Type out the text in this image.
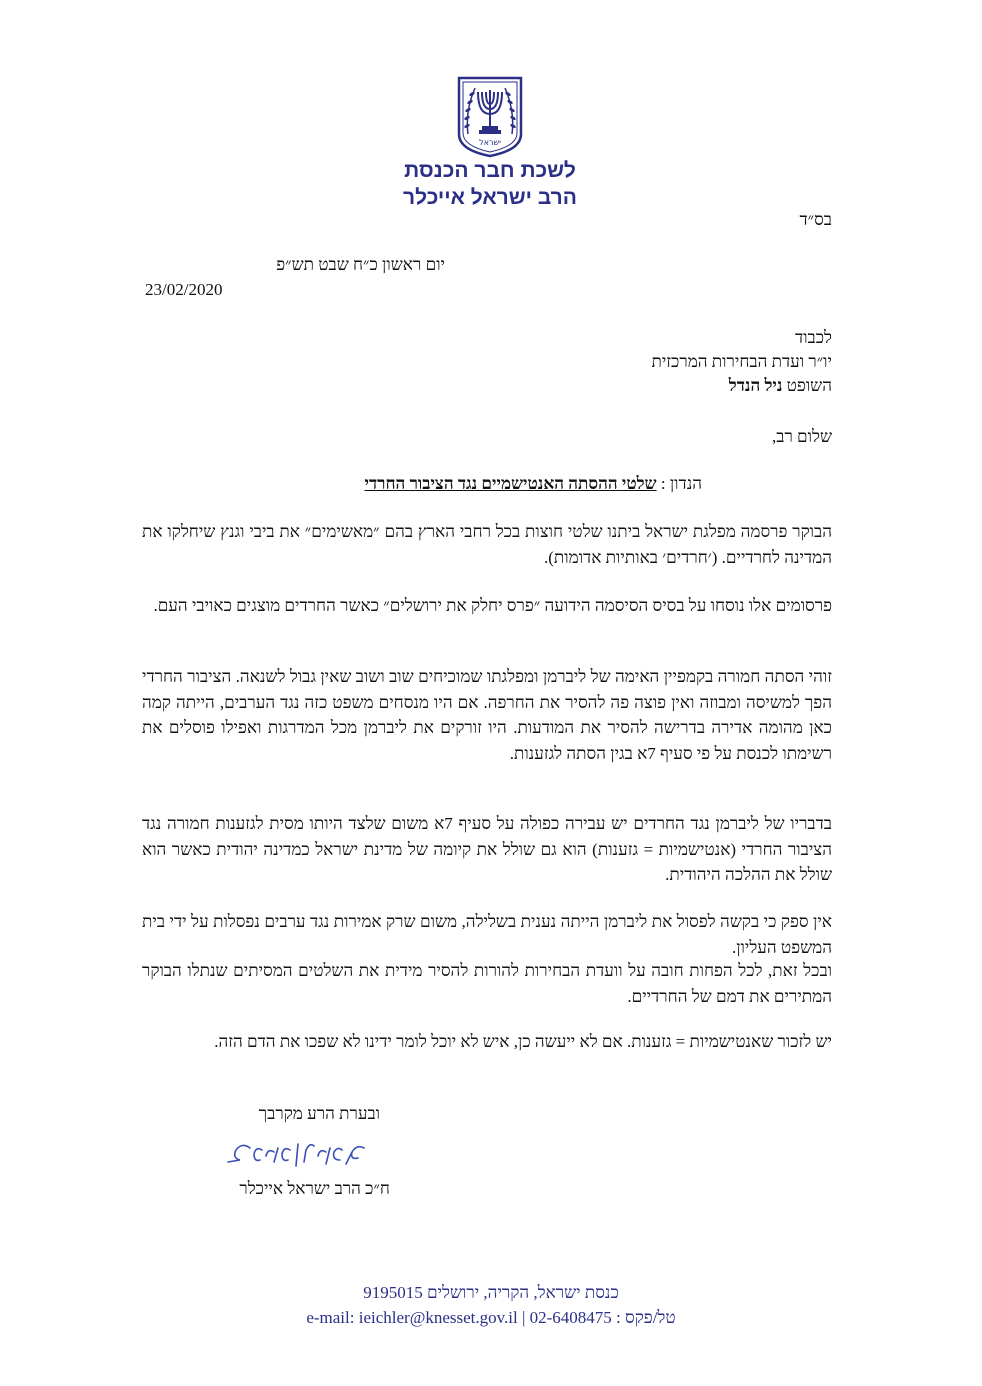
ישראל
לשכת חבר הכנסת
הרב ישראל אייכלר
בס״ד
יום ראשון כ״ח שבט תש״פ
23/02/2020
לכבוד
יו״ר ועדת הבחירות המרכזית
השופט ניל הנדל
שלום רב,
הנדון : שלטי ההסתה האנטישמיים נגד הציבור החרדי
הבוקר פרסמה מפלגת ישראל ביתנו שלטי חוצות בכל רחבי הארץ בהם ״מאשימים״ את ביבי וגנץ שיחלקו את המדינה לחרדיים. (׳חרדים׳ באותיות אדומות).
פרסומים אלו נוסחו על בסיס הסיסמה הידועה ״פרס יחלק את ירושלים״ כאשר החרדים מוצגים כאויבי העם.
זוהי הסתה חמורה בקמפיין האימה של ליברמן ומפלגתו שמוכיחים שוב ושוב שאין גבול לשנאה. הציבור החרדי הפך למשיסה ומבוזה ואין פוצה פה להסיר את החרפה. אם היו מנסחים משפט כזה נגד הערבים, הייתה קמה כאן מהומה אדירה בדרישה להסיר את המודעות. היו זורקים את ליברמן מכל המדרגות ואפילו פוסלים את רשימתו לכנסת על פי סעיף 7א בגין הסתה לגזענות.
בדבריו של ליברמן נגד החרדים יש עבירה כפולה על סעיף 7א משום שלצד היותו מסית לגזענות חמורה נגד הציבור החרדי (אנטישמיות = גזענות) הוא גם שולל את קיומה של מדינת ישראל כמדינה יהודית כאשר הוא שולל את ההלכה היהודית.
אין ספק כי בקשה לפסול את ליברמן הייתה נענית בשלילה, משום שרק אמירות נגד ערבים נפסלות על ידי בית המשפט העליון.
ובכל זאת, לכל הפחות חובה על וועדת הבחירות להורות להסיר מידית את השלטים המסיתים שנתלו הבוקר המתירים את דמם של החרדיים.
יש לזכור שאנטישמיות = גזענות. אם לא ייעשה כן, איש לא יוכל לומר ידינו לא שפכו את הדם הזה.
ובערת הרע מקרבך
ח״כ הרב ישראל אייכלר
כנסת ישראל, הקריה, ירושלים 9195015
e-mail: ieichler@knesset.gov.il | 02-6408475 : טל/פקס
